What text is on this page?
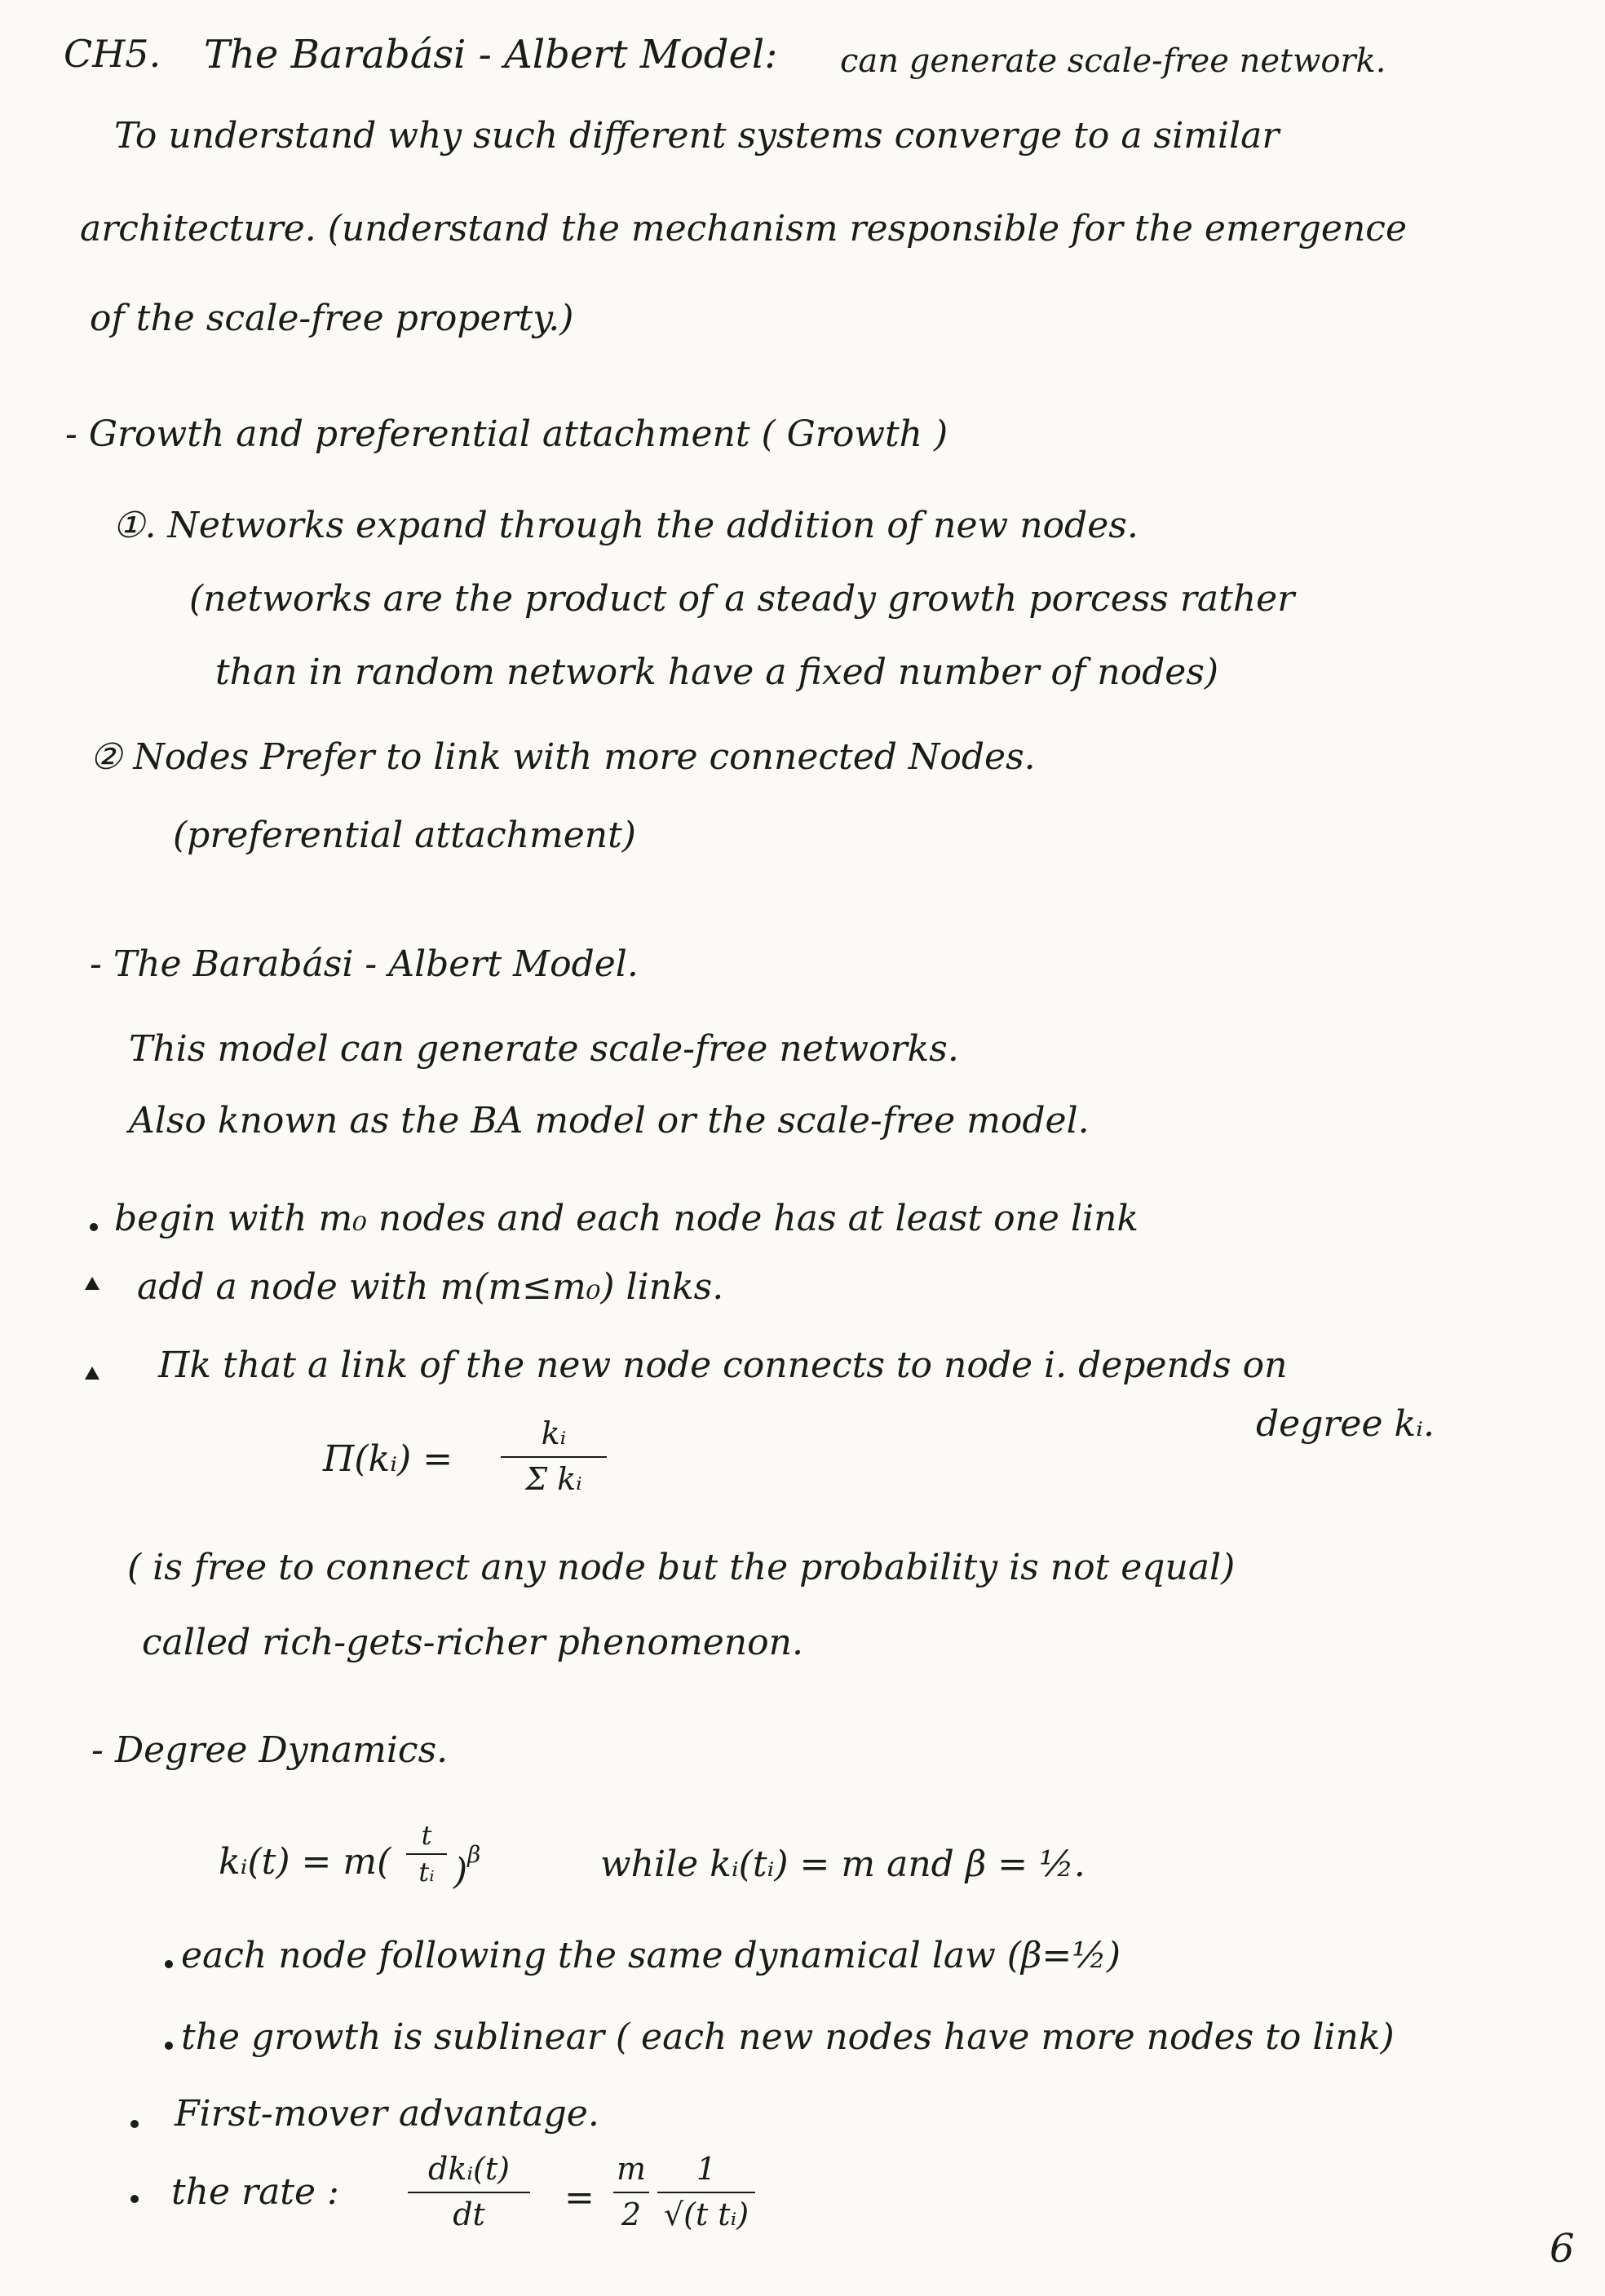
CH5. The Barabási - Albert Model: can generate scale-free network.
To understand why such different systems converge to a similar
architecture. (understand the mechanism responsible for the emergence
of the scale-free property.)
- Growth and preferential attachment ( Growth )
①. Networks expand through the addition of new nodes.
(networks are the product of a steady growth porcess rather
than in random network have a fixed number of nodes)
② Nodes Prefer to link with more connected Nodes.
(preferential attachment)
- The Barabási - Albert Model.
This model can generate scale-free networks.
Also known as the BA model or the scale-free model.
begin with m₀ nodes and each node has at least one link
add a node with m(m≤m₀) links.
Πk that a link of the new node connects to node i. depends on
degree kᵢ.
Π(kᵢ) =
kᵢ
Σ kᵢ
( is free to connect any node but the probability is not equal)
called rich-gets-richer phenomenon.
- Degree Dynamics.
kᵢ(t) = m(
t
tᵢ )$^\beta$	while kᵢ(tᵢ) = m and β = ½.
each node following the same dynamical law (β=½)
the growth is sublinear ( each new nodes have more nodes to link)
First-mover advantage.
the rate :
dkᵢ(t)
dt =
m
2
1
√(t tᵢ)
6
